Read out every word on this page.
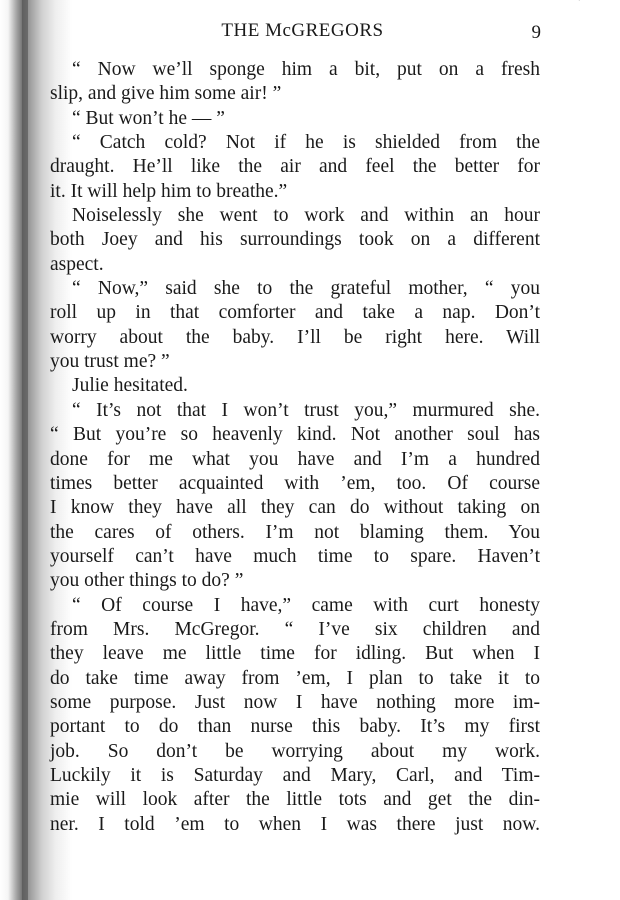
THE McGREGORS	9
“ Now we’ll sponge him a bit, put on a fresh
slip, and give him some air! ”
“ But won’t he — ”
“ Catch cold? Not if he is shielded from the
draught. He’ll like the air and feel the better for
it. It will help him to breathe.”
Noiselessly she went to work and within an hour
both Joey and his surroundings took on a different
aspect.
“ Now,” said she to the grateful mother, “ you
roll up in that comforter and take a nap. Don’t
worry about the baby. I’ll be right here. Will
you trust me? ”
Julie hesitated.
“ It’s not that I won’t trust you,” murmured she.
“ But you’re so heavenly kind. Not another soul has
done for me what you have and I’m a hundred
times better acquainted with ’em, too. Of course
I know they have all they can do without taking on
the cares of others. I’m not blaming them. You
yourself can’t have much time to spare. Haven’t
you other things to do? ”
“ Of course I have,” came with curt honesty
from Mrs. McGregor. “ I’ve six children and
they leave me little time for idling. But when I
do take time away from ’em, I plan to take it to
some purpose. Just now I have nothing more im-
portant to do than nurse this baby. It’s my first
job. So don’t be worrying about my work.
Luckily it is Saturday and Mary, Carl, and Tim-
mie will look after the little tots and get the din-
ner. I told ’em to when I was there just now.
